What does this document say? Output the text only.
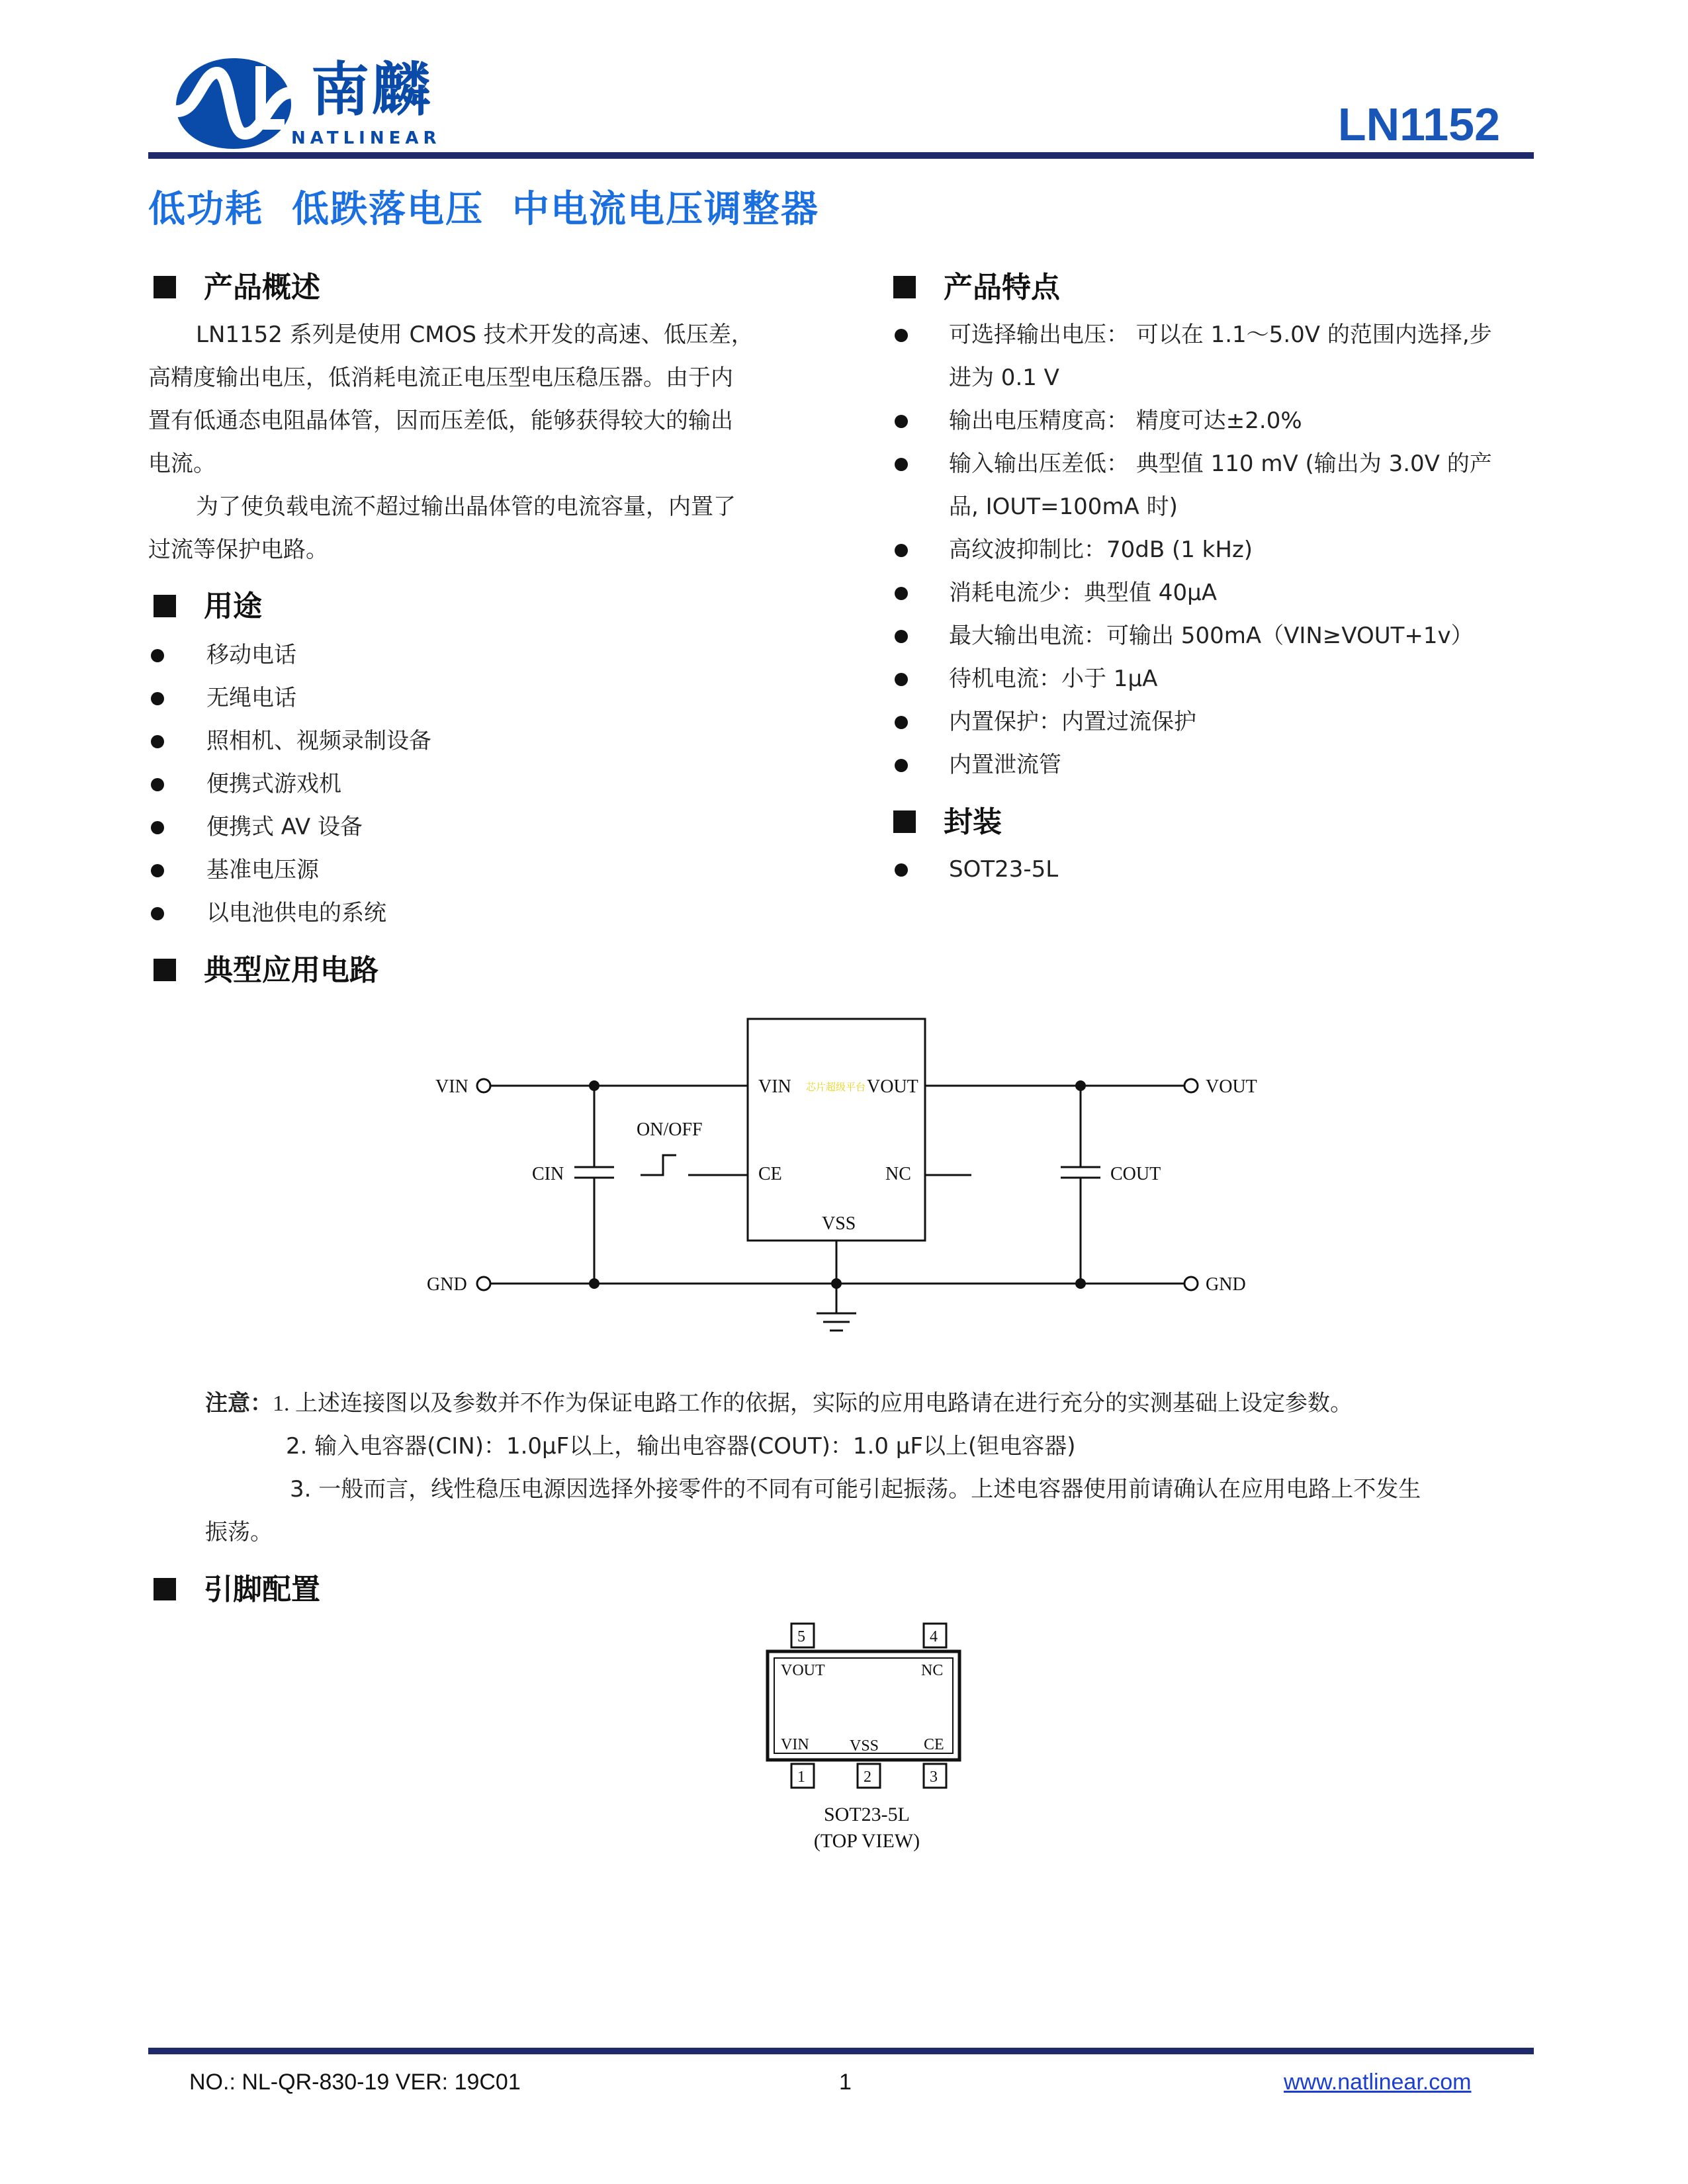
南麟
NATLINEAR	LN1152
低功耗  低跌落电压  中电流电压调整器
产品概述
LN1152 系列是使用 CMOS 技术开发的高速、低压差，
高精度输出电压，低消耗电流正电压型电压稳压器。由于内
置有低通态电阻晶体管，因而压差低，能够获得较大的输出
电流。
为了使负载电流不超过输出晶体管的电流容量，内置了
过流等保护电路。
用途
移动电话
无绳电话
照相机、视频录制设备
便携式游戏机
便携式 AV 设备
基准电压源
以电池供电的系统
产品特点
可选择输出电压： 可以在 1.1～5.0V 的范围内选择,步
进为 0.1 V
输出电压精度高： 精度可达±2.0%
输入输出压差低： 典型值 110 mV (输出为 3.0V 的产
品, IOUT=100mA 时)
高纹波抑制比：70dB (1 kHz)
消耗电流少：典型值 40μA
最大输出电流：可输出 500mA（VIN≥VOUT+1v）
待机电流：小于 1μA
内置保护：内置过流保护
内置泄流管
封装
SOT23-5L
典型应用电路
VIN	VOUT
GND	GND
CIN	COUT
ON/OFF
VIN	VOUT
CE	NC
VSS
芯片超级平台
注意：1. 上述连接图以及参数并不作为保证电路工作的依据，实际的应用电路请在进行充分的实测基础上设定参数。
2. 输入电容器(CIN)：1.0μF以上，输出电容器(COUT)：1.0 μF以上(钽电容器)
3. 一般而言，线性稳压电源因选择外接零件的不同有可能引起振荡。上述电容器使用前请确认在应用电路上不发生
振荡。
引脚配置
5	4
1	2	3
VOUT	NC
VIN	VSS	CE
SOT23-5L
(TOP VIEW)
NO.: NL-QR-830-19 VER: 19C01	1	www.natlinear.com
